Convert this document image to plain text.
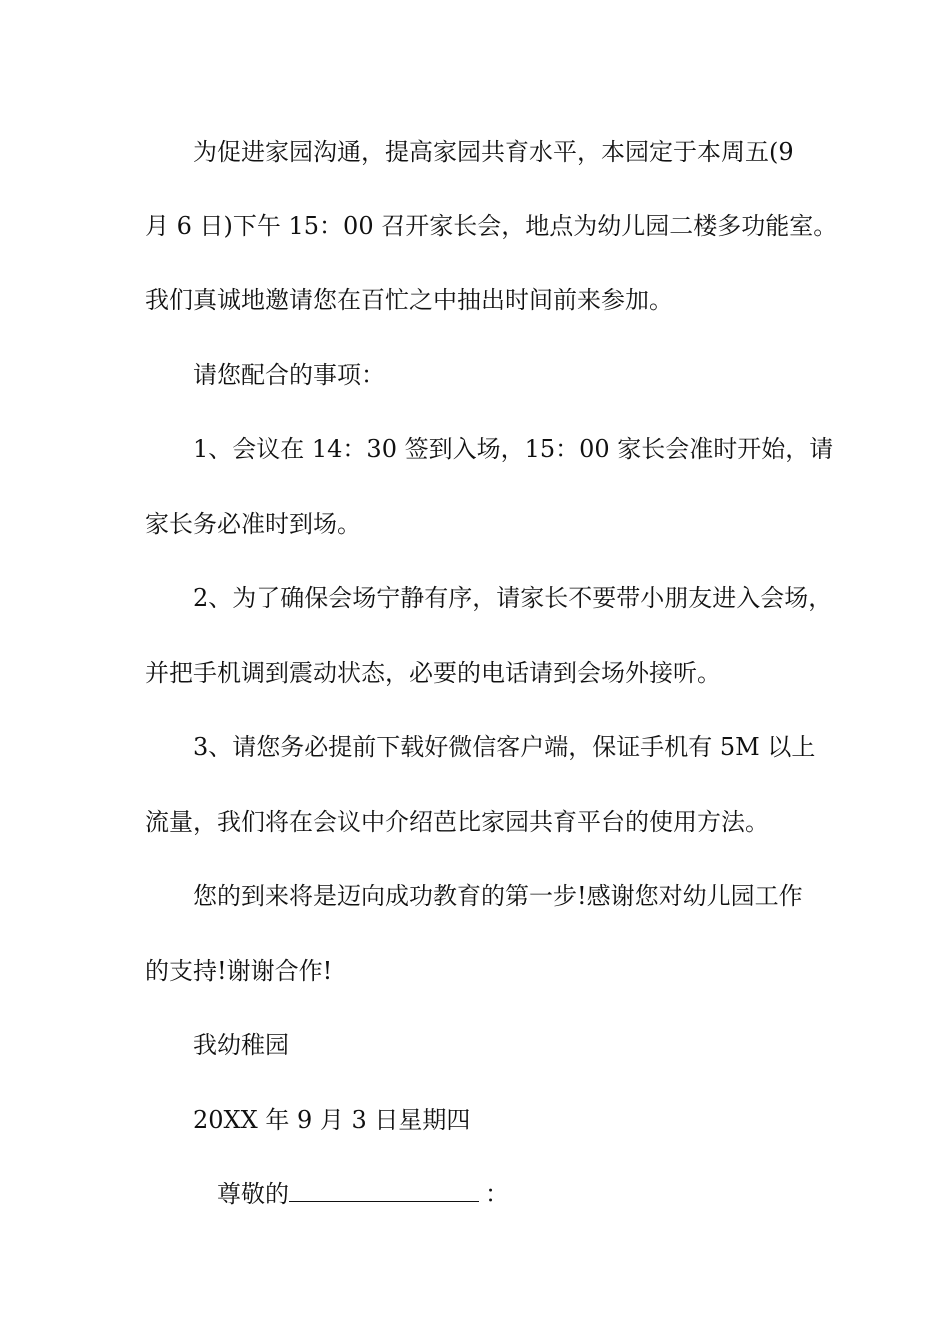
为促进家园沟通，提高家园共育水平，本园定于本周五(9
月 6 日)下午 15：00 召开家长会，地点为幼儿园二楼多功能室。
我们真诚地邀请您在百忙之中抽出时间前来参加。
请您配合的事项：
1、会议在 14：30 签到入场，15：00 家长会准时开始，请
家长务必准时到场。
2、为了确保会场宁静有序，请家长不要带小朋友进入会场，
并把手机调到震动状态，必要的电话请到会场外接听。
3、请您务必提前下载好微信客户端，保证手机有 5M 以上
流量，我们将在会议中介绍芭比家园共育平台的使用方法。
您的到来将是迈向成功教育的第一步!感谢您对幼儿园工作
的支持!谢谢合作!
我幼稚园
20XX 年 9 月 3 日星期四
尊敬的	：
